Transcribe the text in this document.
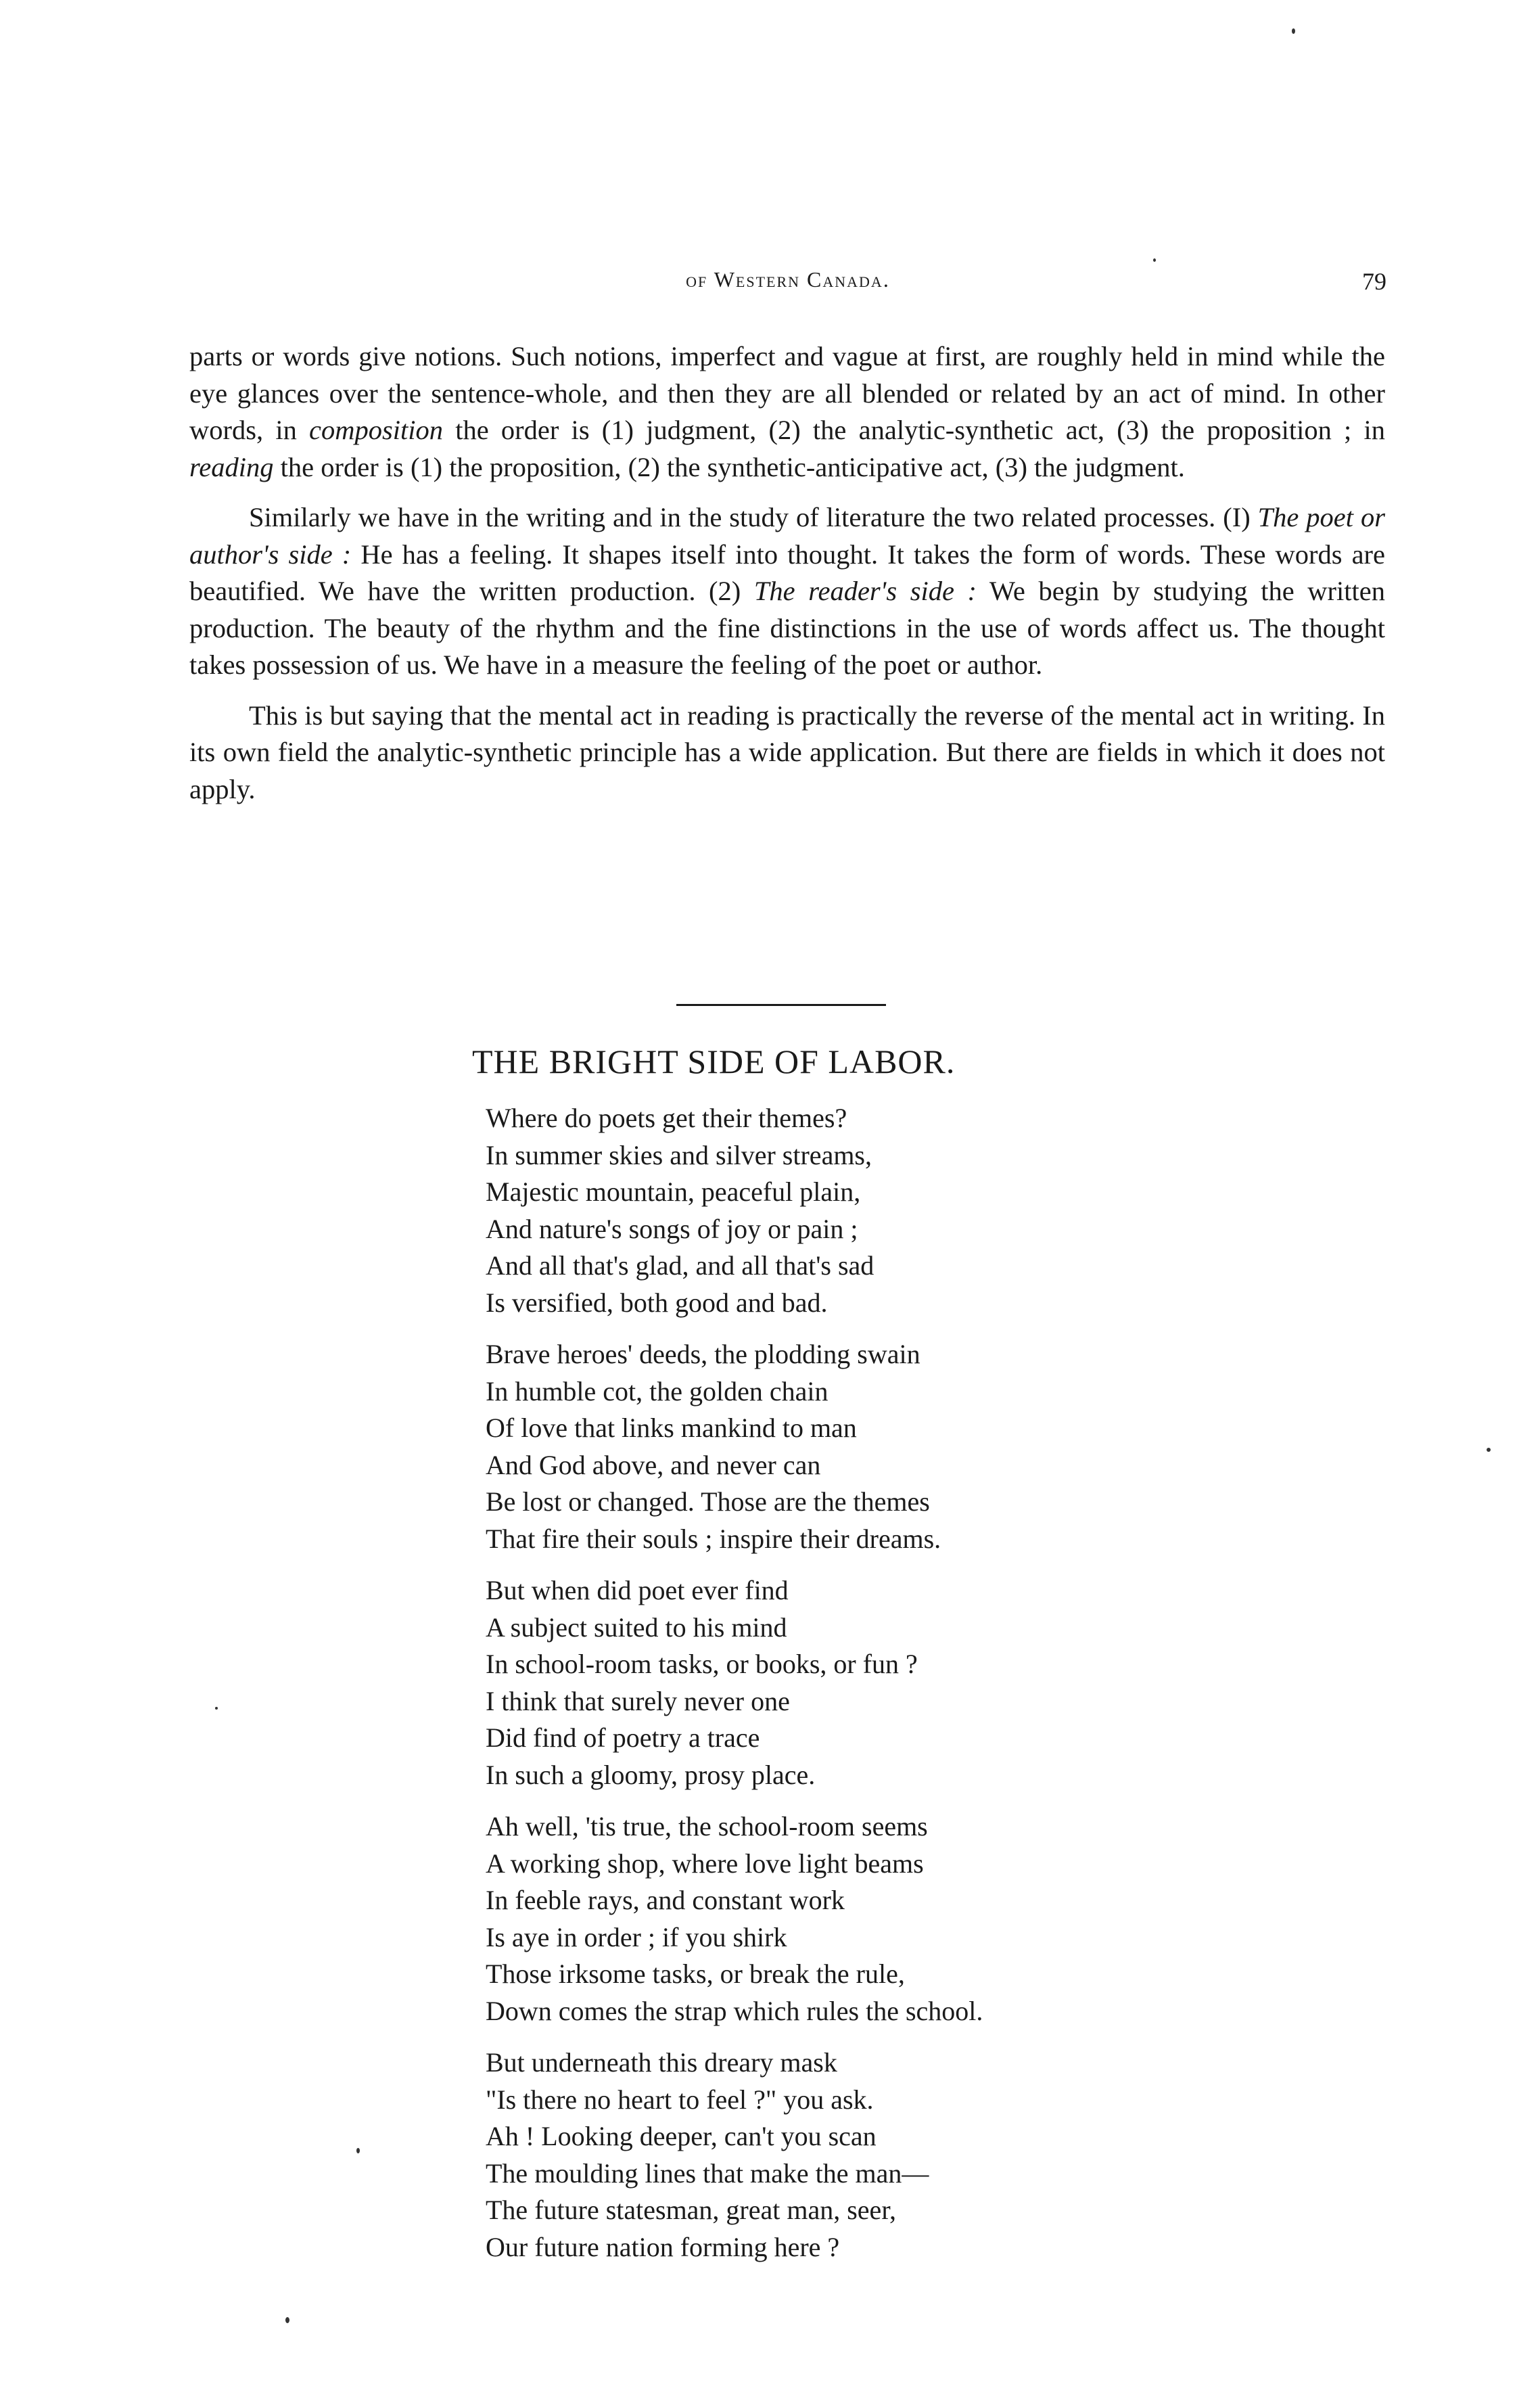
of Western Canada.	79

parts or words give notions. Such notions, imperfect and vague at first, are roughly held in mind while the eye glances over the sentence-whole, and then they are all blended or related by an act of mind. In other words, in composition the order is (1) judgment, (2) the analytic-synthetic act, (3) the proposition ; in reading the order is (1) the proposition, (2) the synthetic-anticipative act, (3) the judgment.

Similarly we have in the writing and in the study of literature the two related processes. (I) The poet or author's side : He has a feeling. It shapes itself into thought. It takes the form of words. These words are beautified. We have the written production. (2) The reader's side : We begin by studying the written production. The beauty of the rhythm and the fine distinctions in the use of words affect us. The thought takes possession of us. We have in a measure the feeling of the poet or author.

This is but saying that the mental act in reading is practically the reverse of the mental act in writing. In its own field the analytic-synthetic principle has a wide application. But there are fields in which it does not apply.

THE BRIGHT SIDE OF LABOR.
Where do poets get their themes?
In summer skies and silver streams,
Majestic mountain, peaceful plain,
And nature's songs of joy or pain ;
And all that's glad, and all that's sad
Is versified, both good and bad.
Brave heroes' deeds, the plodding swain
In humble cot, the golden chain
Of love that links mankind to man
And God above, and never can
Be lost or changed. Those are the themes
That fire their souls ; inspire their dreams.
But when did poet ever find
A subject suited to his mind
In school-room tasks, or books, or fun ?
I think that surely never one
Did find of poetry a trace
In such a gloomy, prosy place.
Ah well, 'tis true, the school-room seems
A working shop, where love light beams
In feeble rays, and constant work
Is aye in order ; if you shirk
Those irksome tasks, or break the rule,
Down comes the strap which rules the school.
But underneath this dreary mask
"Is there no heart to feel ?" you ask.
Ah ! Looking deeper, can't you scan
The moulding lines that make the man—
The future statesman, great man, seer,
Our future nation forming here ?
